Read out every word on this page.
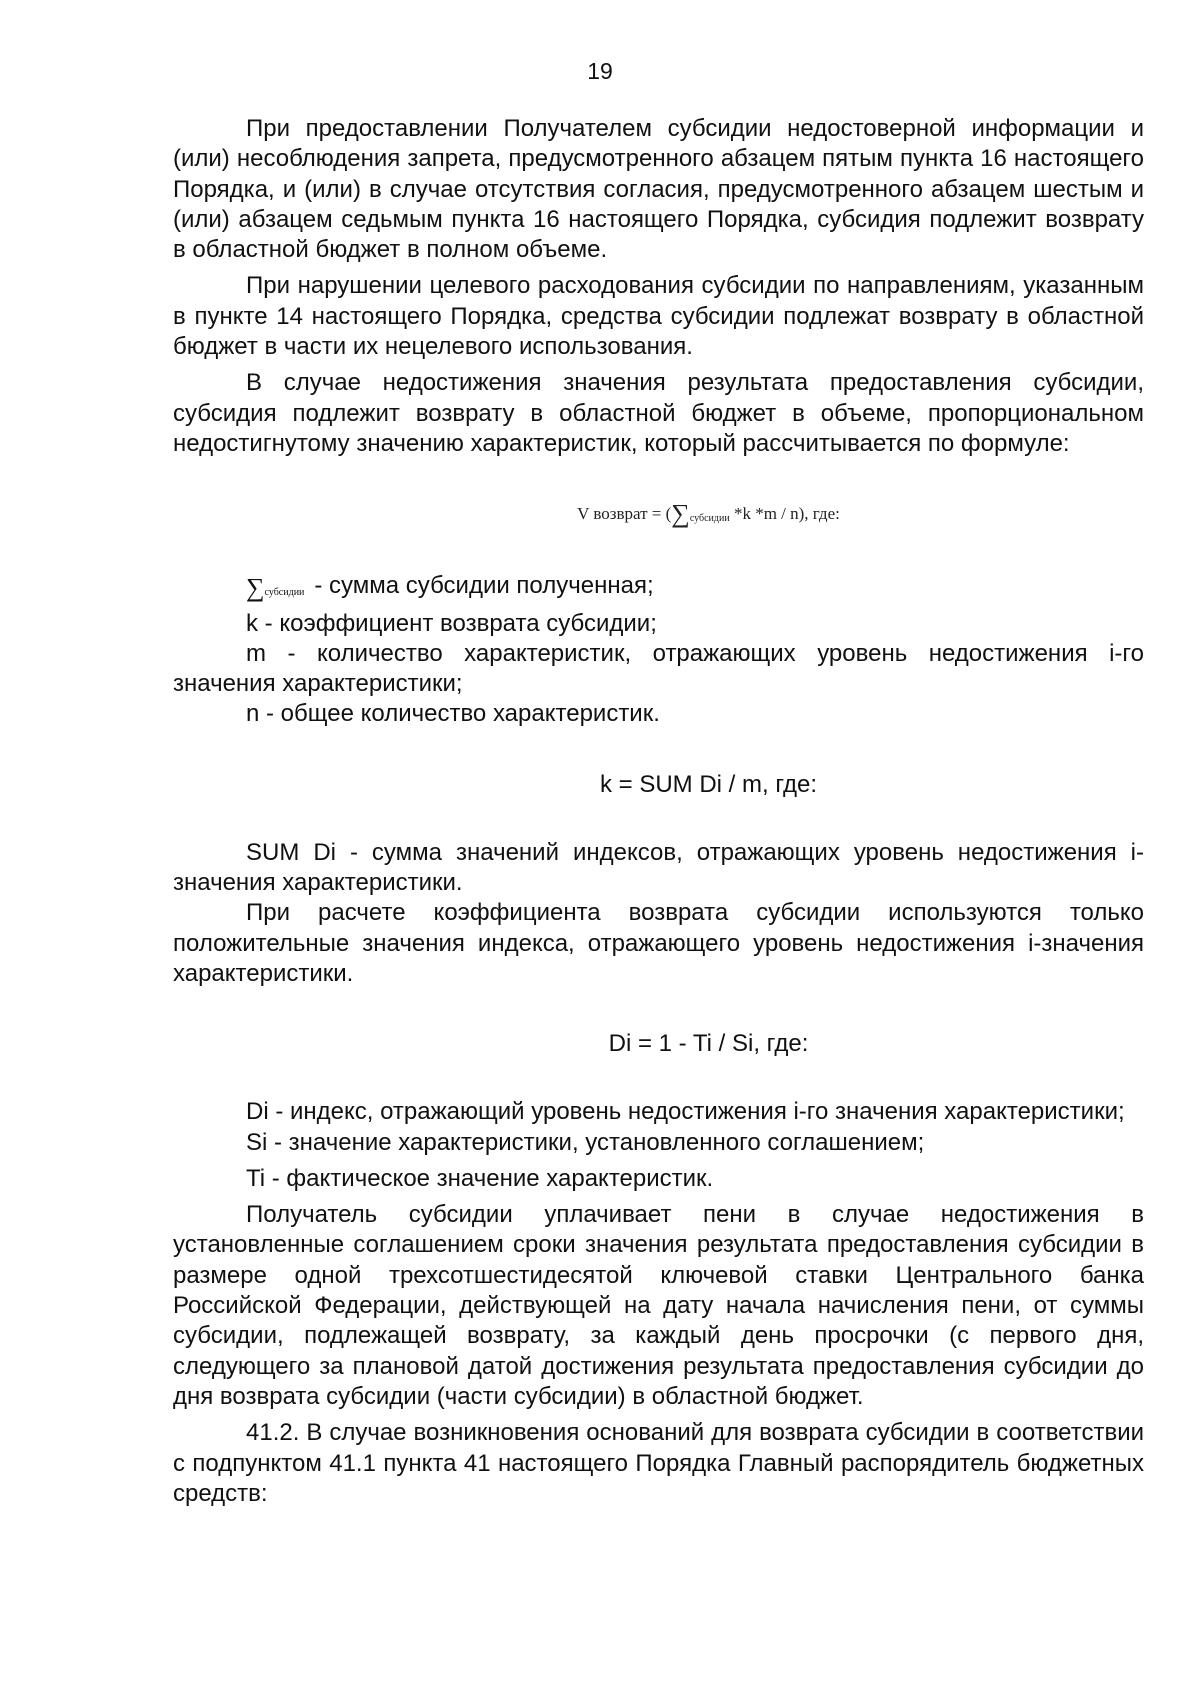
19

При предоставлении Получателем субсидии недостоверной информации и (или) несоблюдения запрета, предусмотренного абзацем пятым пункта 16 настоящего Порядка, и (или) в случае отсутствия согласия, предусмотренного абзацем шестым и (или) абзацем седьмым пункта 16 настоящего Порядка, субсидия подлежит возврату в областной бюджет в полном объеме.

При нарушении целевого расходования субсидии по направлениям, указанным в пункте 14 настоящего Порядка, средства субсидии подлежат возврату в областной бюджет в части их нецелевого использования.

В случае недостижения значения результата предоставления субсидии, субсидия подлежит возврату в областной бюджет в объеме, пропорциональном недостигнутому значению характеристик, который рассчитывается по формуле:

V возврат = ($\sum_{субсидии}$ *k *m / n), где:

$\sum_{субсидии}$ - сумма субсидии полученная;

k - коэффициент возврата субсидии;

m - количество характеристик, отражающих уровень недостижения i-го значения характеристики;

n - общее количество характеристик.

k = SUM Di / m, где:

SUM Di - сумма значений индексов, отражающих уровень недостижения i-значения характеристики.

При расчете коэффициента возврата субсидии используются только положительные значения индекса, отражающего уровень недостижения i-значения характеристики.

Di = 1 - Ti / Si, где:

Di - индекс, отражающий уровень недостижения i-го значения характеристики;

Si - значение характеристики, установленного соглашением;

Ti - фактическое значение характеристик.

Получатель субсидии уплачивает пени в случае недостижения в установленные соглашением сроки значения результата предоставления субсидии в размере одной трехсотшестидесятой ключевой ставки Центрального банка Российской Федерации, действующей на дату начала начисления пени, от суммы субсидии, подлежащей возврату, за каждый день просрочки (с первого дня, следующего за плановой датой достижения результата предоставления субсидии до дня возврата субсидии (части субсидии) в областной бюджет.

41.2. В случае возникновения оснований для возврата субсидии в соответствии с подпунктом 41.1 пункта 41 настоящего Порядка Главный распорядитель бюджетных средств:
